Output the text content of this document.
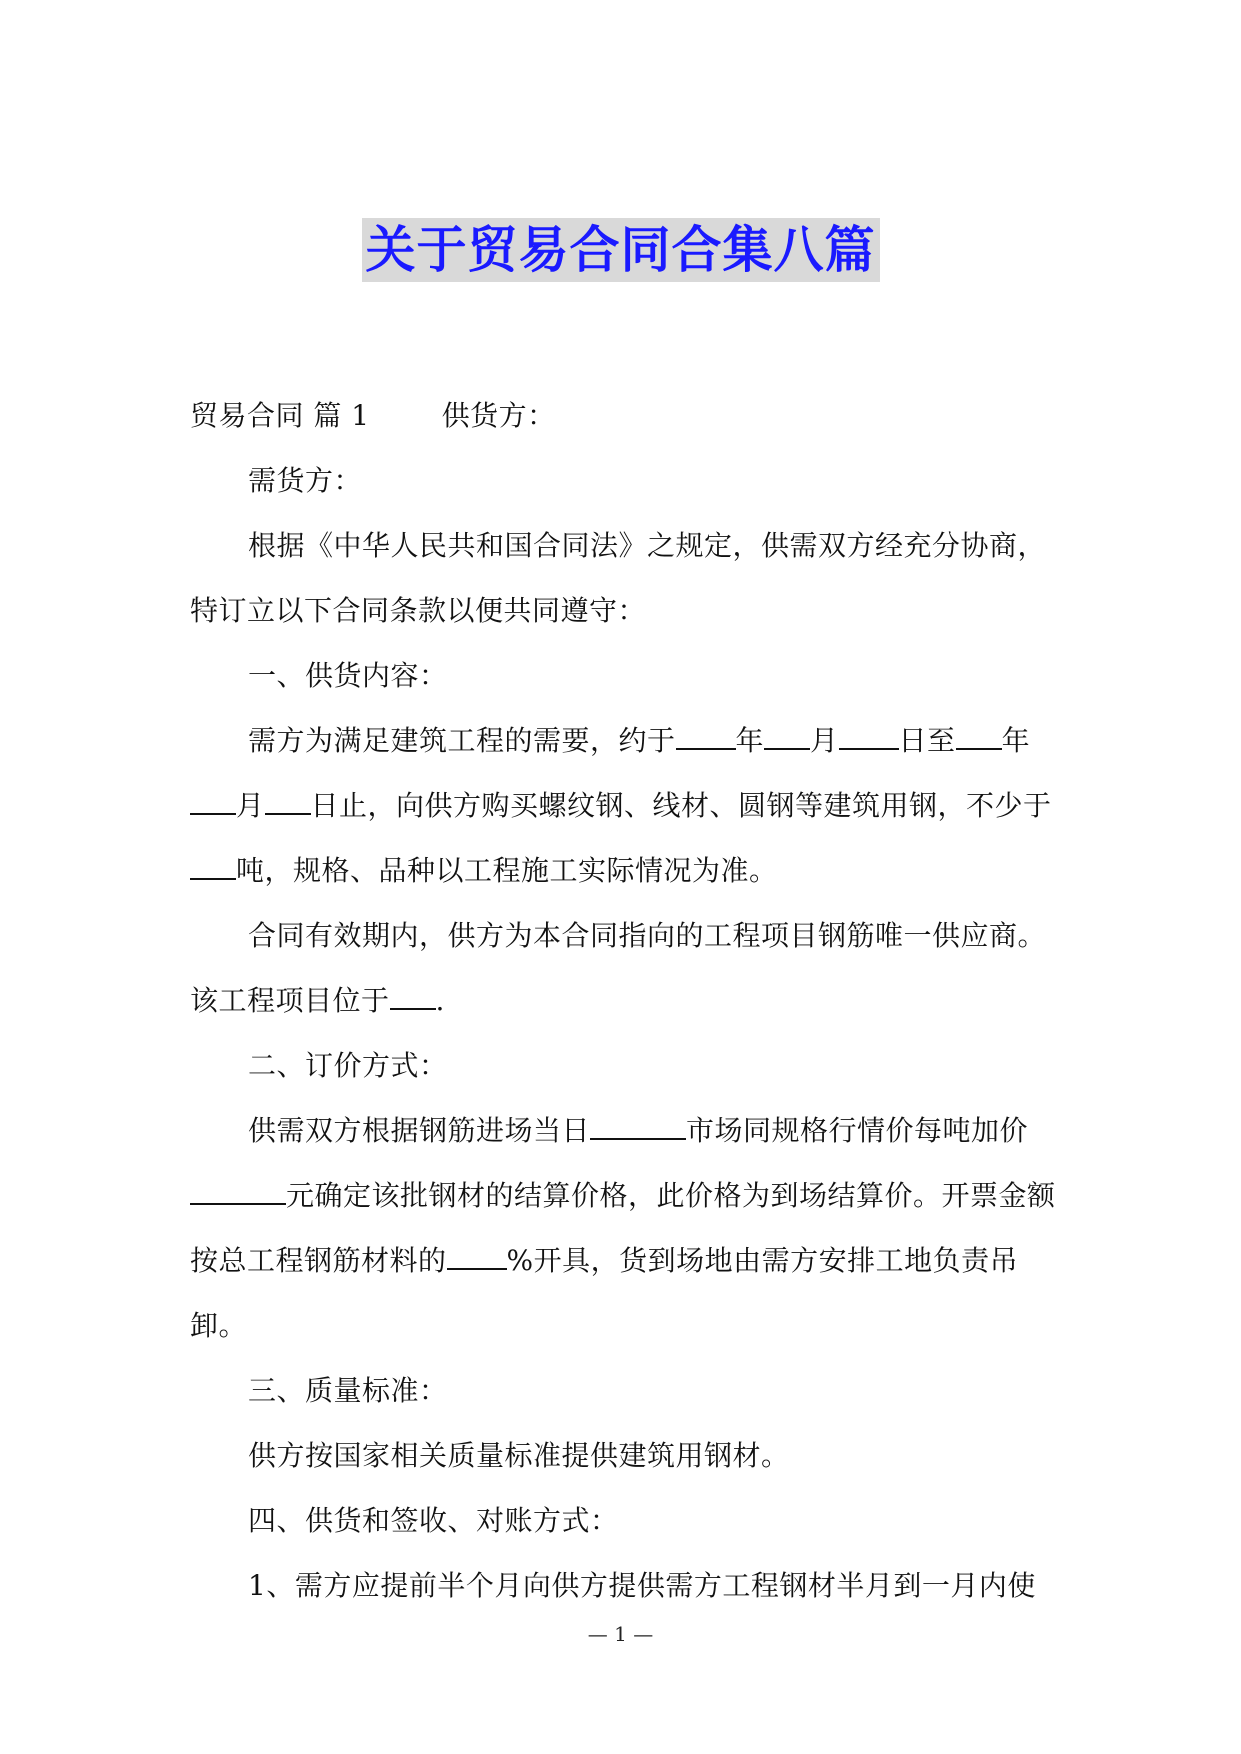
关于贸易合同合集八篇

贸易合同 篇 1	供货方：

需货方：

根据《中华人民共和国合同法》之规定，供需双方经充分协商，特订立以下合同条款以便共同遵守：

一、供货内容：

需方为满足建筑工程的需要，约于 年 月 日至 年月 日止，向供方购买螺纹钢、线材、圆钢等建筑用钢，不少于吨，规格、品种以工程施工实际情况为准。

合同有效期内，供方为本合同指向的工程项目钢筋唯一供应商。该工程项目位于 .

二、订价方式：

供需双方根据钢筋进场当日	市场同规格行情价每吨加价元确定该批钢材的结算价格，此价格为到场结算价。开票金额按总工程钢筋材料的 %开具，货到场地由需方安排工地负责吊卸。

三、质量标准：

供方按国家相关质量标准提供建筑用钢材。

四、供货和签收、对账方式：

1、需方应提前半个月向供方提供需方工程钢材半月到一月内使

— 1 —
